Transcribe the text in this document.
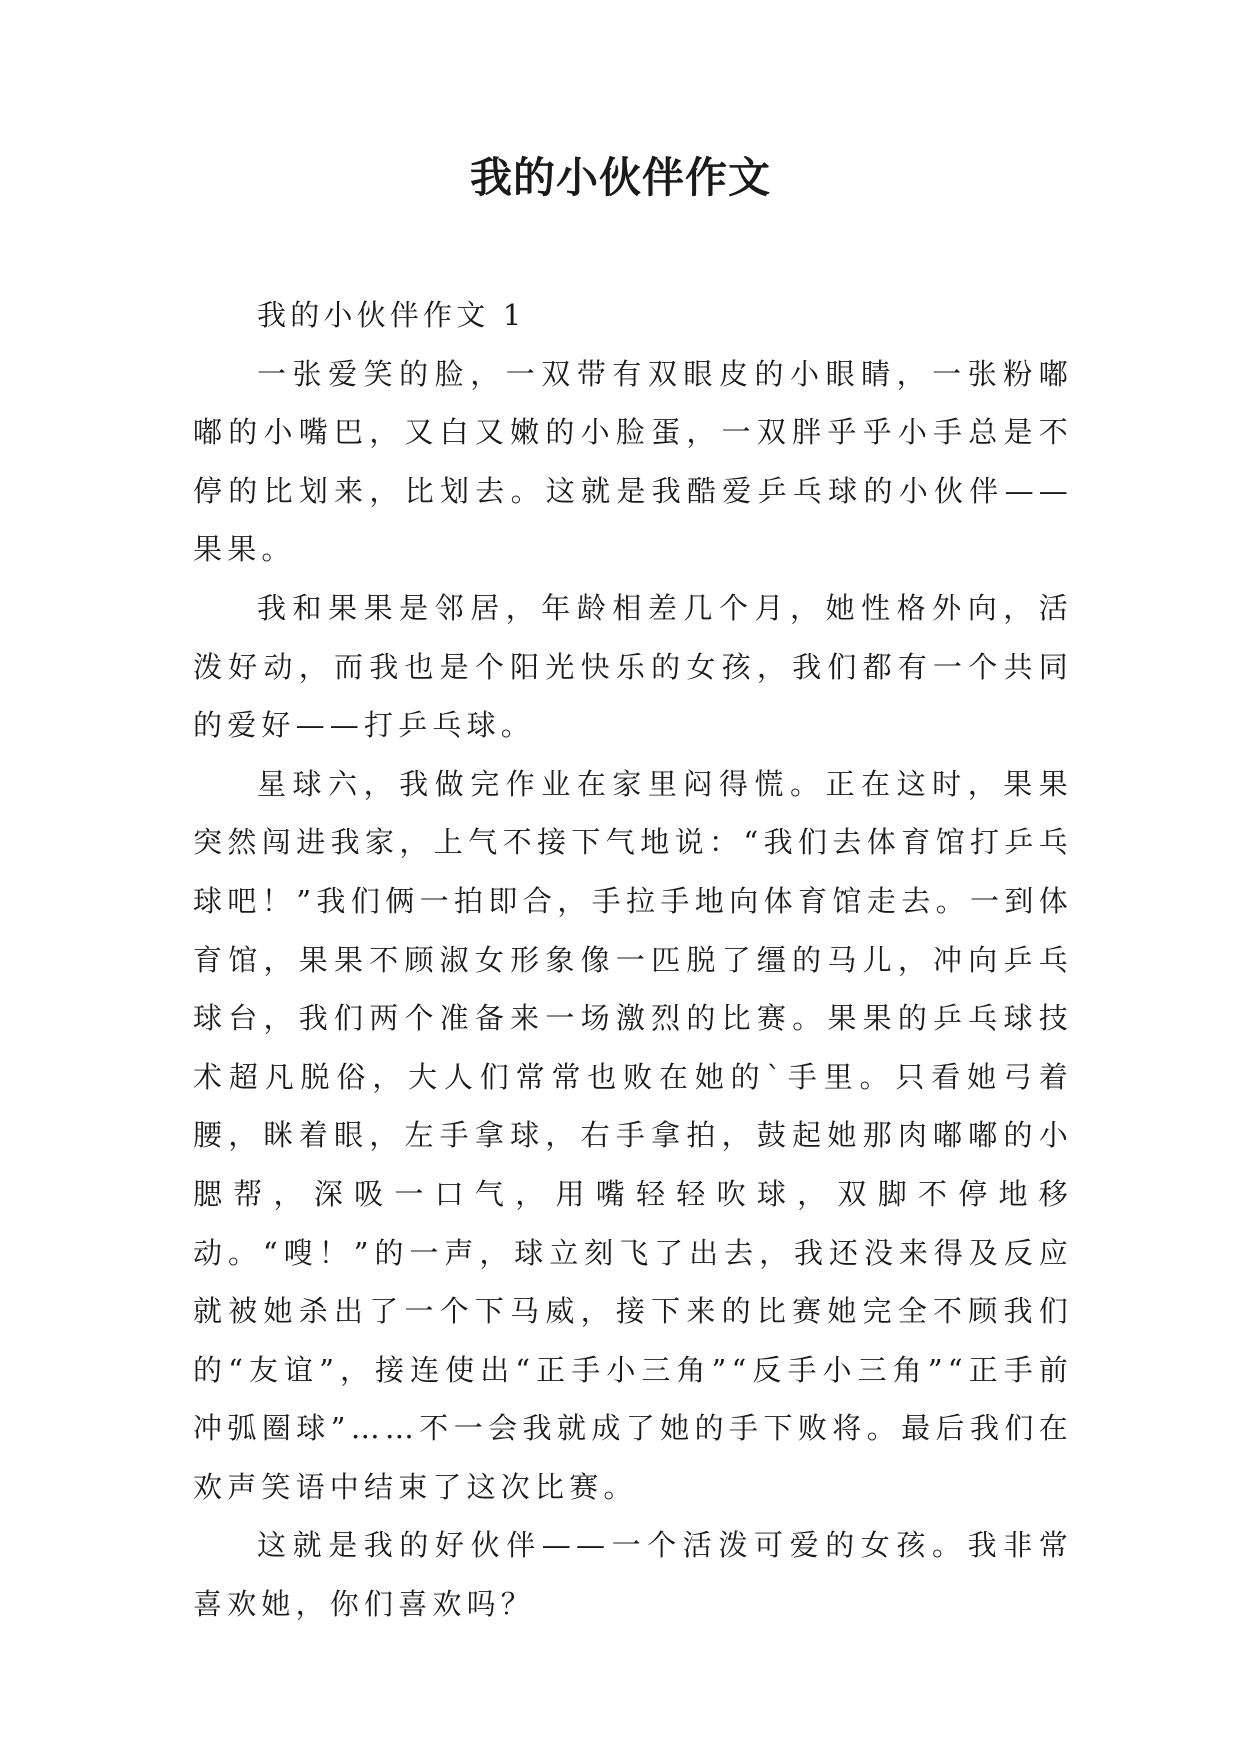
我的小伙伴作文

我的小伙伴作文 1

一张爱笑的脸，一双带有双眼皮的小眼睛，一张粉嘟嘟的小嘴巴，又白又嫩的小脸蛋，一双胖乎乎小手总是不停的比划来，比划去。这就是我酷爱乒乓球的小伙伴——果果。

我和果果是邻居，年龄相差几个月，她性格外向，活泼好动，而我也是个阳光快乐的女孩，我们都有一个共同的爱好——打乒乓球。

星球六，我做完作业在家里闷得慌。正在这时，果果突然闯进我家，上气不接下气地说：“我们去体育馆打乒乓球吧！”我们俩一拍即合，手拉手地向体育馆走去。一到体育馆，果果不顾淑女形象像一匹脱了缰的马儿，冲向乒乓球台，我们两个准备来一场激烈的比赛。果果的乒乓球技术超凡脱俗，大人们常常也败在她的`手里。只看她弓着腰，眯着眼，左手拿球，右手拿拍，鼓起她那肉嘟嘟的小腮帮，深吸一口气，用嘴轻轻吹球，双脚不停地移动。“嗖！”的一声，球立刻飞了出去，我还没来得及反应就被她杀出了一个下马威，接下来的比赛她完全不顾我们的“友谊”，接连使出“正手小三角”“反手小三角”“正手前冲弧圈球”……不一会我就成了她的手下败将。最后我们在欢声笑语中结束了这次比赛。

这就是我的好伙伴——一个活泼可爱的女孩。我非常喜欢她，你们喜欢吗？
